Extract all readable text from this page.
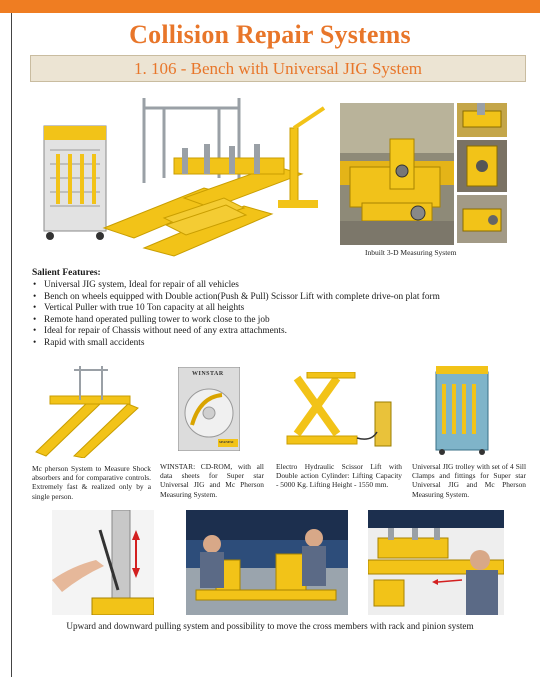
Collision Repair Systems
1. 106 - Bench with Universal JIG System
Inbuilt 3-D Measuring System
Salient Features:
• Universal JIG system, Ideal for repair of all vehicles
• Bench on wheels equipped with Double action(Push & Pull) Scissor Lift with complete drive-on plat form
• Vertical Puller with true 10 Ton capacity at all heights
• Remote hand operated pulling tower to work close to the job
• Ideal for repair of Chassis without need of any extra attachments.
• Rapid with small accidents
Mc pherson System to Measure Shock absorbers and for comparative controls. Extremely fast & realized only by a single person.
WINSTAR
SPANESI
WINSTAR: CD-ROM, with all data sheets for Super star Universal JIG and Mc Pherson Measuring System.
Electro Hydraulic Scissor Lift with Double action Cylinder: Lifting Capacity - 5000 Kg. Lifting Height - 1550 mm.
Universal JIG trolley with set of 4 Sill Clamps and fittings for Super star Universal JIG and Mc Pherson Measuring System.
Upward and downward pulling system and possibility to move the cross members with rack and pinion system
